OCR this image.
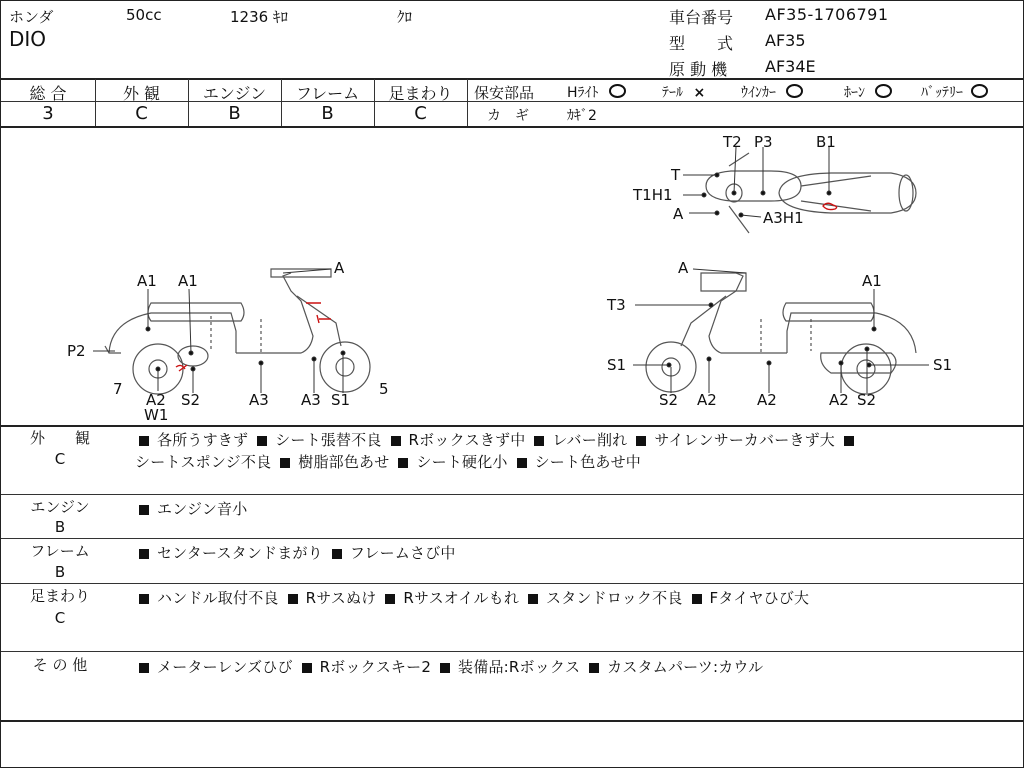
ホンダ	50cc	1236 ｷﾛ	ｸﾛ
DIO
車台番号 AF35-1706791
型　　式 AF35
原 動 機 AF34E
総 合	外 観	エンジン	フレーム	足まわり
3	C	B	B	C
保安部品 Hﾗｲﾄ	ﾃｰﾙ ×	ｳｲﾝｶｰ	ﾎｰﾝ	ﾊﾞｯﾃﾘｰ
カ　ギ	ｶｷﾞ2
T2 P3	B1
T
T1H1
A	A3H1
A
A1 A1
P2
7
A2
W1
S2	A3 A3 S1
5
A
A1
T3
S1	S1
S2 A2	A2	A2 S2
外　　観
C
各所うすきず シート張替不良 Rボックスきず中 レバー削れ サイレンサーカバーきず大
シートスポンジ不良 樹脂部色あせ シート硬化小 シート色あせ中
エンジン
B
エンジン音小
フレーム
B
センタースタンドまがり フレームさび中
足まわり
C
ハンドル取付不良 Rサスぬけ Rサスオイルもれ スタンドロック不良 Fタイヤひび大
そ の 他	メーターレンズひび Rボックスキー2 装備品:Rボックス カスタムパーツ:カウル
